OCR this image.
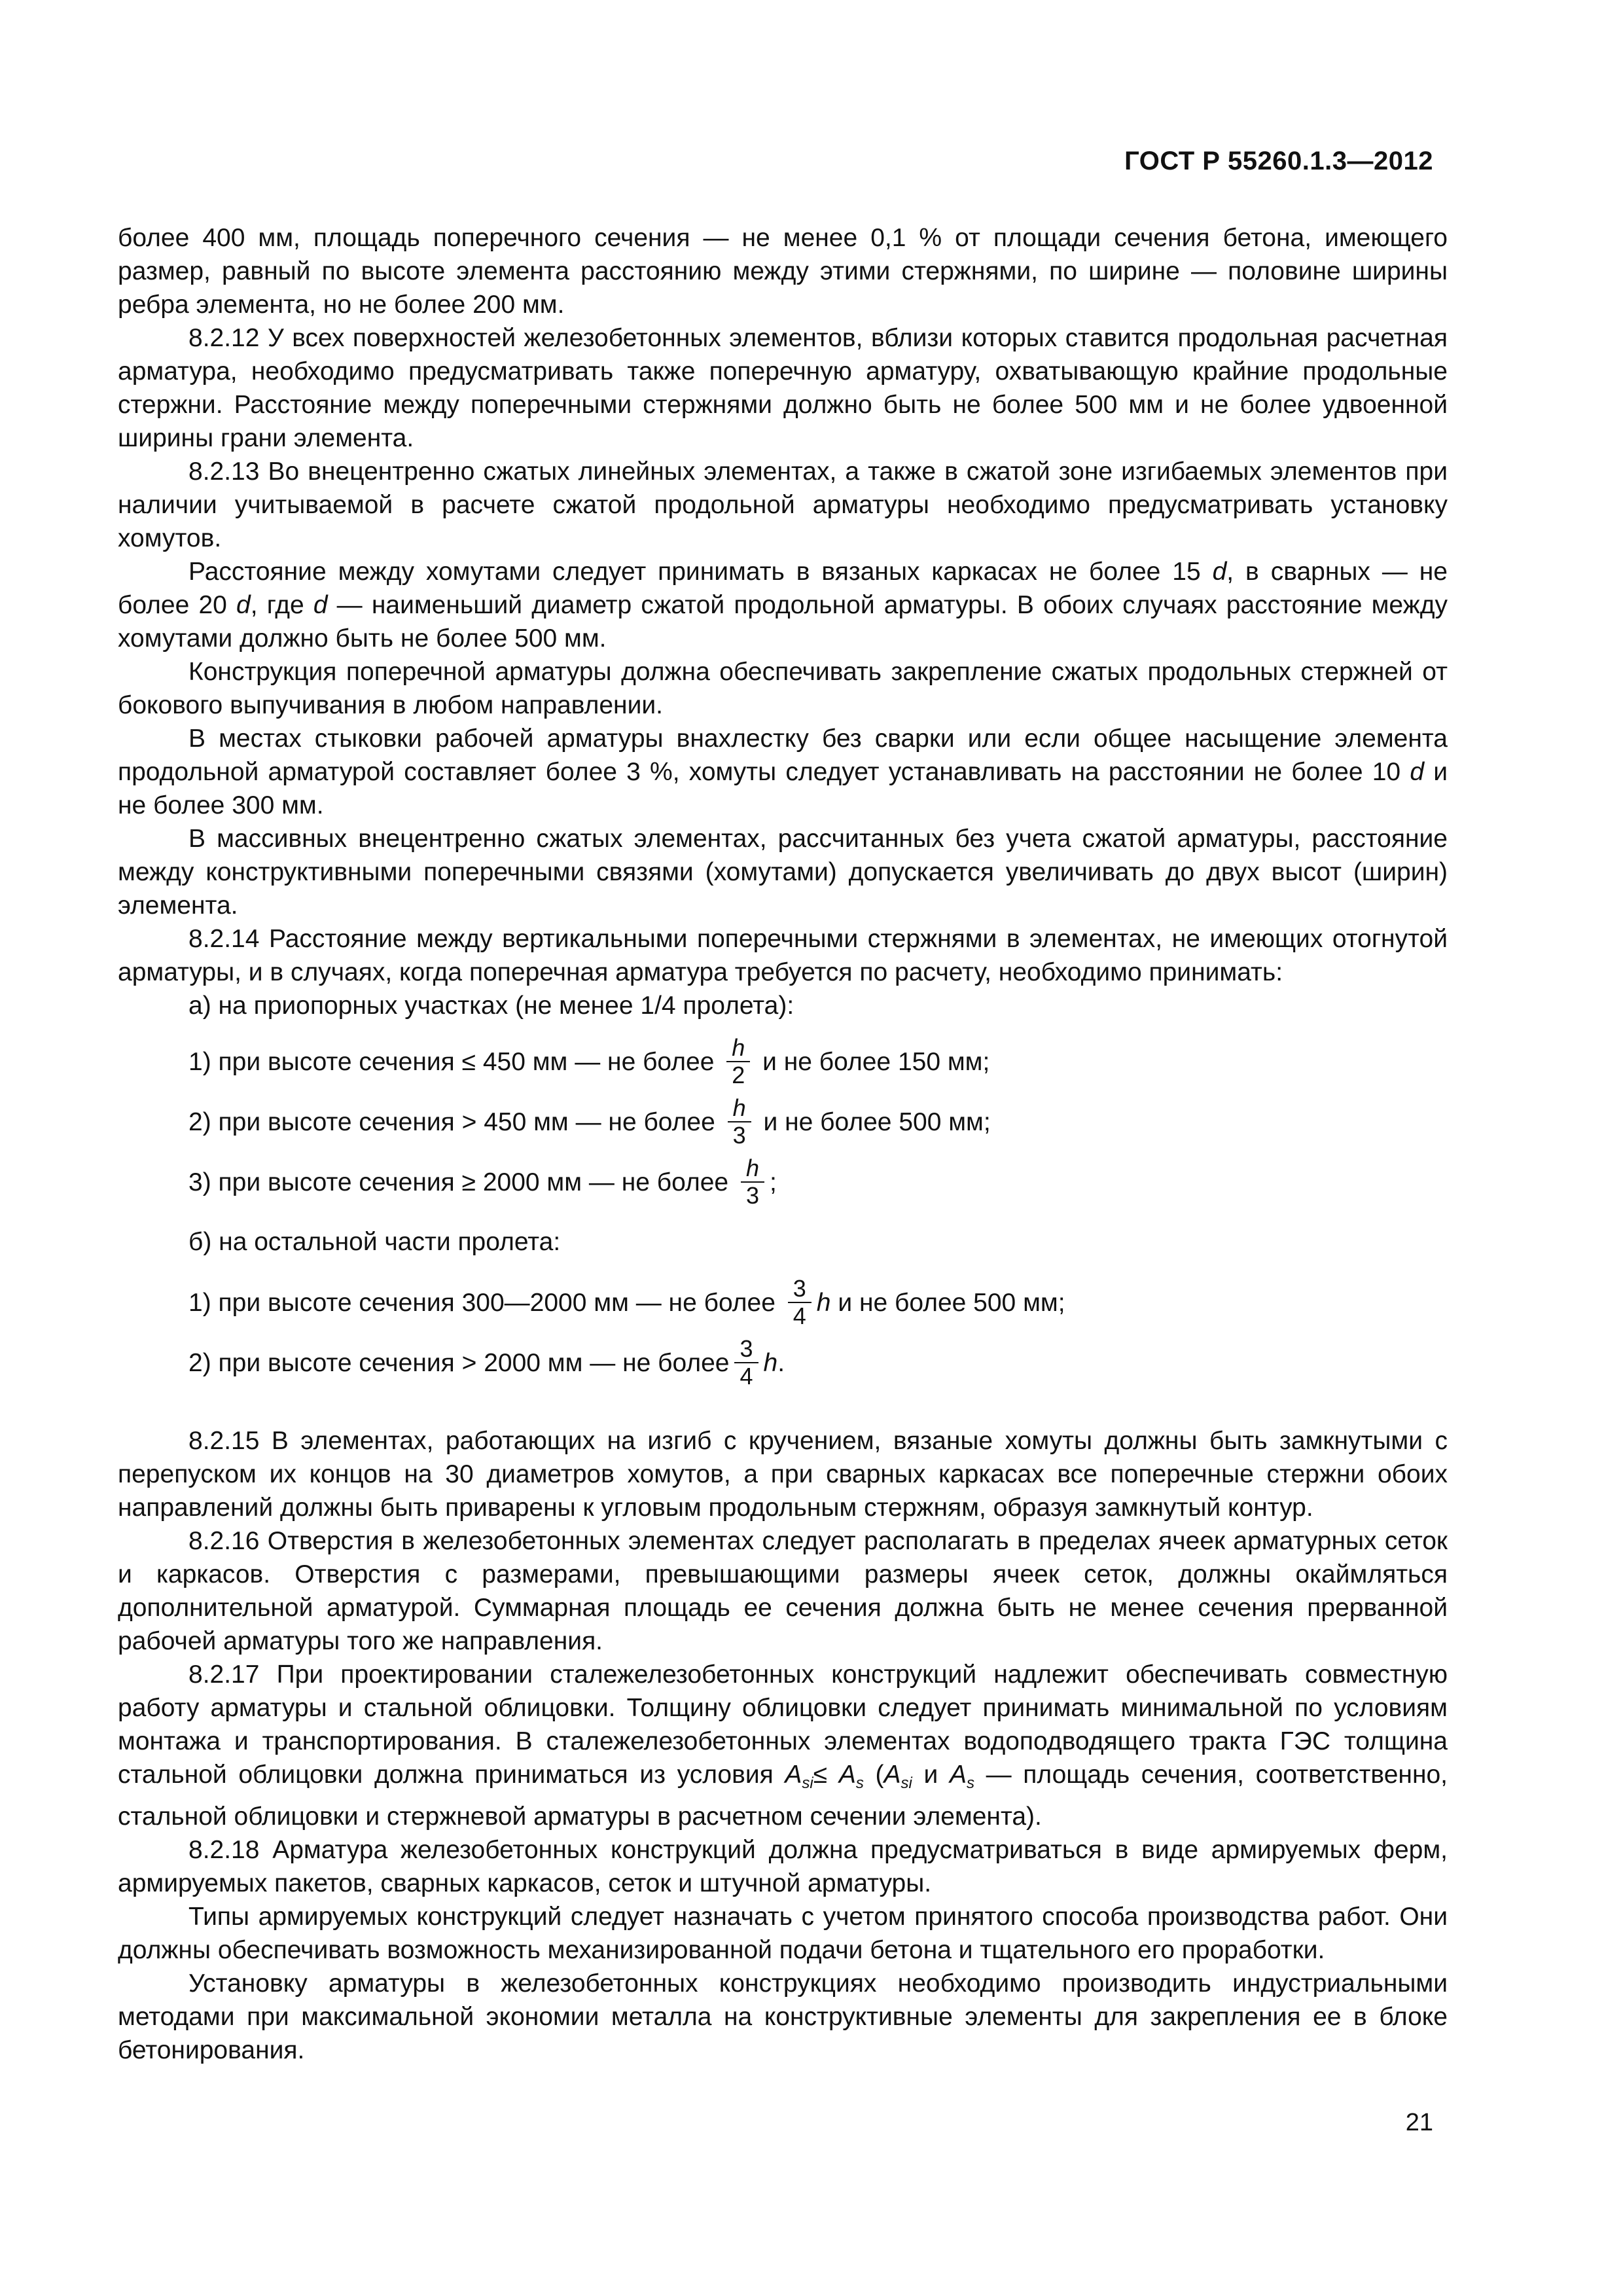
ГОСТ Р 55260.1.3—2012

более 400 мм, площадь поперечного сечения — не менее 0,1 % от площади сечения бетона, имеющего размер, равный по высоте элемента расстоянию между этими стержнями, по ширине — половине ширины ребра элемента, но не более 200 мм.

8.2.12 У всех поверхностей железобетонных элементов, вблизи которых ставится продольная расчетная арматура, необходимо предусматривать также поперечную арматуру, охватывающую крайние продольные стержни. Расстояние между поперечными стержнями должно быть не более 500 мм и не более удвоенной ширины грани элемента.

8.2.13 Во внецентренно сжатых линейных элементах, а также в сжатой зоне изгибаемых элементов при наличии учитываемой в расчете сжатой продольной арматуры необходимо предусматривать установку хомутов.

Расстояние между хомутами следует принимать в вязаных каркасах не более 15 d, в сварных — не более 20 d, где d — наименьший диаметр сжатой продольной арматуры. В обоих случаях расстояние между хомутами должно быть не более 500 мм.

Конструкция поперечной арматуры должна обеспечивать закрепление сжатых продольных стержней от бокового выпучивания в любом направлении.

В местах стыковки рабочей арматуры внахлестку без сварки или если общее насыщение элемента продольной арматурой составляет более 3 %, хомуты следует устанавливать на расстоянии не более 10 d и не более 300 мм.

В массивных внецентренно сжатых элементах, рассчитанных без учета сжатой арматуры, расстояние между конструктивными поперечными связями (хомутами) допускается увеличивать до двух высот (ширин) элемента.

8.2.14 Расстояние между вертикальными поперечными стержнями в элементах, не имеющих отогнутой арматуры, и в случаях, когда поперечная арматура требуется по расчету, необходимо принимать:

а) на приопорных участках (не менее 1/4 пролета):
1) при высоте сечения ≤ 450 мм — не более $\frac{h}{2}$ и не более 150 мм;
2) при высоте сечения > 450 мм — не более $\frac{h}{3}$ и не более 500 мм;
3) при высоте сечения ≥ 2000 мм — не более $\frac{h}{3}$ ;
б) на остальной части пролета:
1) при высоте сечения 300—2000 мм — не более $\frac{3}{4}$ h и не более 500 мм;
2) при высоте сечения > 2000 мм — не более $\frac{3}{4}$ h .

8.2.15 В элементах, работающих на изгиб с кручением, вязаные хомуты должны быть замкнутыми с перепуском их концов на 30 диаметров хомутов, а при сварных каркасах все поперечные стержни обоих направлений должны быть приварены к угловым продольным стержням, образуя замкнутый контур.

8.2.16 Отверстия в железобетонных элементах следует располагать в пределах ячеек арматурных сеток и каркасов. Отверстия с размерами, превышающими размеры ячеек сеток, должны окаймляться дополнительной арматурой. Суммарная площадь ее сечения должна быть не менее сечения прерванной рабочей арматуры того же направления.

8.2.17 При проектировании сталежелезобетонных конструкций надлежит обеспечивать совместную работу арматуры и стальной облицовки. Толщину облицовки следует принимать минимальной по условиям монтажа и транспортирования. В сталежелезобетонных элементах водоподводящего тракта ГЭС толщина стальной облицовки должна приниматься из условия $A_{si}\le A_s$ ($A_{si}$ и $A_s$ — площадь сечения, соответственно, стальной облицовки и стержневой арматуры в расчетном сечении элемента).

8.2.18 Арматура железобетонных конструкций должна предусматриваться в виде армируемых ферм, армируемых пакетов, сварных каркасов, сеток и штучной арматуры.

Типы армируемых конструкций следует назначать с учетом принятого способа производства работ. Они должны обеспечивать возможность механизированной подачи бетона и тщательного его проработки.

Установку арматуры в железобетонных конструкциях необходимо производить индустриальными методами при максимальной экономии металла на конструктивные элементы для закрепления ее в блоке бетонирования.

21
